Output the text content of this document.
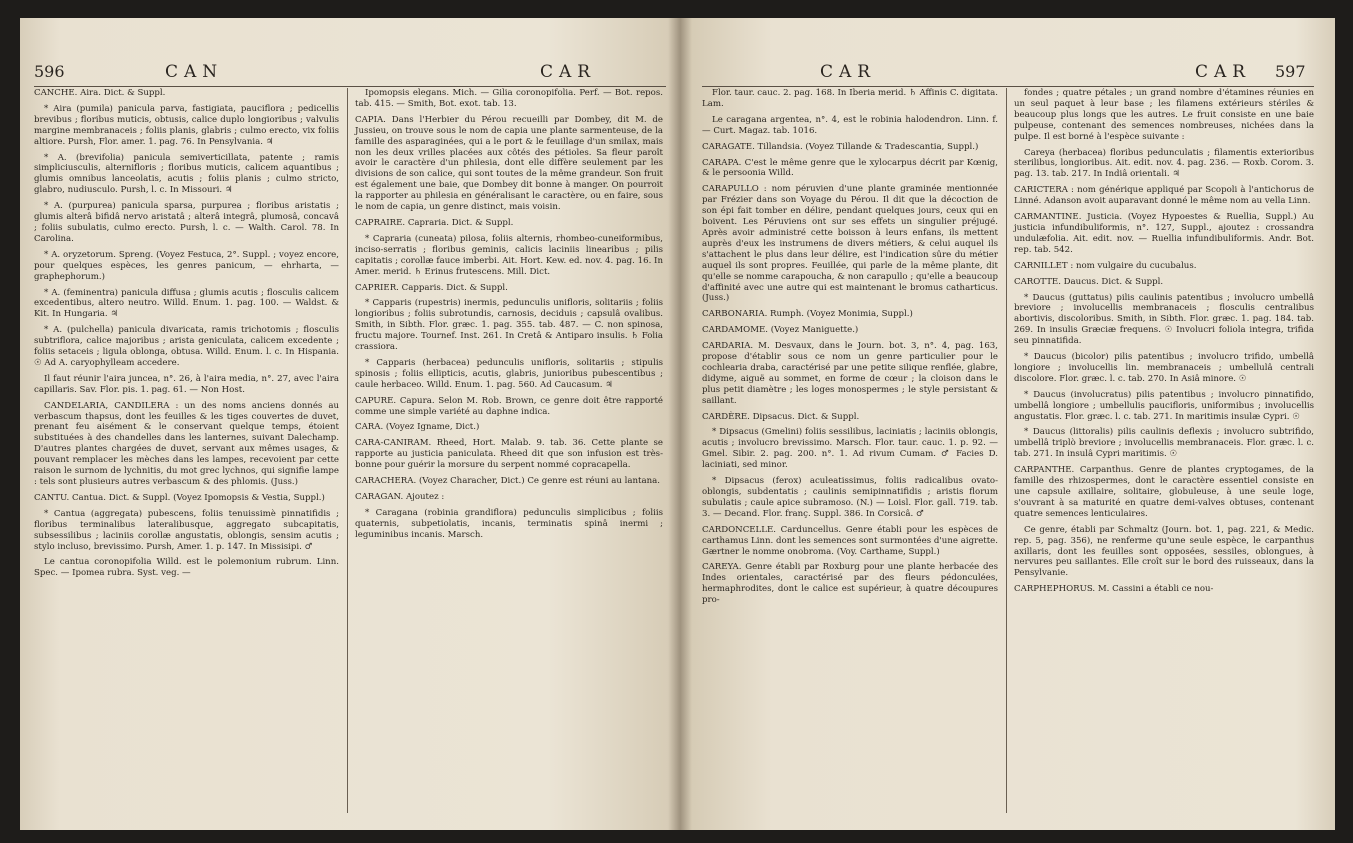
596	CAN	CAR

CANCHE. Aira. Dict. & Suppl.

* Aira (pumila) panicula parva, fastigiata, pauciflora ; pedicellis brevibus ; floribus muticis, obtusis, calice duplo longioribus ; valvulis margine membranaceis ; foliis planis, glabris ; culmo erecto, vix foliis altiore. Pursh, Flor. amer. 1. pag. 76. In Pensylvania. ♃

* A. (brevifolia) panicula semiverticillata, patente ; ramis simpliciusculis, alternifloris ; floribus muticis, calicem aquantibus ; glumis omnibus lanceolatis, acutis ; foliis planis ; culmo stricto, glabro, nudiusculo. Pursh, l. c. In Missouri. ♃

* A. (purpurea) panicula sparsa, purpurea ; floribus aristatis ; glumis alterâ bifidâ nervo aristatâ ; alterâ integrâ, plumosâ, concavâ ; foliis subulatis, culmo erecto. Pursh, l. c. — Walth. Carol. 78. In Carolina.

* A. oryzetorum. Spreng. (Voyez Festuca, 2°. Suppl. ; voyez encore, pour quelques espèces, les genres panicum, — ehrharta, — graphephorum.)

* A. (feminentra) panicula diffusa ; glumis acutis ; flosculis calicem excedentibus, altero neutro. Willd. Enum. 1. pag. 100. — Waldst. & Kit. In Hungaria. ♃

* A. (pulchella) panicula divaricata, ramis trichotomis ; flosculis subtriflora, calice majoribus ; arista geniculata, calicem excedente ; foliis setaceis ; ligula oblonga, obtusa. Willd. Enum. l. c. In Hispania. ☉ Ad A. caryophylleam accedere.

Il faut réunir l'aira juncea, n°. 26, à l'aira media, n°. 27, avec l'aira capillaris. Sav. Flor. pis. 1. pag. 61. — Non Host.

CANDELARIA, CANDILERA : un des noms anciens donnés au verbascum thapsus, dont les feuilles & les tiges couvertes de duvet, prenant feu aisément & le conservant quelque temps, étoient substituées à des chandelles dans les lanternes, suivant Dalechamp. D'autres plantes chargées de duvet, servant aux mêmes usages, & pouvant remplacer les mèches dans les lampes, recevoient par cette raison le surnom de lychnitis, du mot grec lychnos, qui signifie lampe : tels sont plusieurs autres verbascum & des phlomis. (Juss.)

CANTU. Cantua. Dict. & Suppl. (Voyez Ipomopsis & Vestia, Suppl.)

* Cantua (aggregata) pubescens, foliis tenuissimè pinnatifidis ; floribus terminalibus lateralibusque, aggregato subcapitatis, subsessilibus ; laciniis corollæ angustatis, oblongis, sensim acutis ; stylo incluso, brevissimo. Pursh, Amer. 1. p. 147. In Missisipi. ♂

Le cantua coronopifolia Willd. est le polemonium rubrum. Linn. Spec. — Ipomea rubra. Syst. veg. —

Ipomopsis elegans. Mich. — Gilia coronopifolia. Perf. — Bot. repos. tab. 415. — Smith, Bot. exot. tab. 13.

CAPIA. Dans l'Herbier du Pérou recueilli par Dombey, dit M. de Jussieu, on trouve sous le nom de capia une plante sarmenteuse, de la famille des asparaginées, qui a le port & le feuillage d'un smilax, mais non les deux vrilles placées aux côtés des pétioles. Sa fleur paroît avoir le caractère d'un philesia, dont elle diffère seulement par les divisions de son calice, qui sont toutes de la même grandeur. Son fruit est également une baie, que Dombey dit bonne à manger. On pourroit la rapporter au philesia en généralisant le caractère, ou en faire, sous le nom de capia, un genre distinct, mais voisin.

CAPRAIRE. Capraria. Dict. & Suppl.

* Capraria (cuneata) pilosa, foliis alternis, rhombeo-cuneiformibus, inciso-serratis ; floribus geminis, calicis laciniis linearibus ; pilis capitatis ; corollæ fauce imberbi. Ait. Hort. Kew. ed. nov. 4. pag. 16. In Amer. merid. ♄ Erinus frutescens. Mill. Dict.

CAPRIER. Capparis. Dict. & Suppl.

* Capparis (rupestris) inermis, pedunculis unifloris, solitariis ; foliis longioribus ; foliis subrotundis, carnosis, deciduis ; capsulâ ovalibus. Smith, in Sibth. Flor. græc. 1. pag. 355. tab. 487. — C. non spinosa, fructu majore. Tournef. Inst. 261. In Cretâ & Antiparo insulis. ♄ Folia crassiora.

* Capparis (herbacea) pedunculis unifloris, solitariis ; stipulis spinosis ; foliis ellipticis, acutis, glabris, junioribus pubescentibus ; caule herbaceo. Willd. Enum. 1. pag. 560. Ad Caucasum. ♃

CAPURE. Capura. Selon M. Rob. Brown, ce genre doit être rapporté comme une simple variété au daphne indica.

CARA. (Voyez Igname, Dict.)

CARA-CANIRAM. Rheed, Hort. Malab. 9. tab. 36. Cette plante se rapporte au justicia paniculata. Rheed dit que son infusion est très-bonne pour guérir la morsure du serpent nommé copracapella.

CARACHERA. (Voyez Characher, Dict.) Ce genre est réuni au lantana.

CARAGAN. Ajoutez :

* Caragana (robinia grandiflora) pedunculis simplicibus ; foliis quaternis, subpetiolatis, incanis, terminatis spinâ inermi ; leguminibus incanis. Marsch.

CAR	CAR 597

Flor. taur. cauc. 2. pag. 168. In Iberia merid. ♄ Affinis C. digitata. Lam.

Le caragana argentea, n°. 4, est le robinia halodendron. Linn. f. — Curt. Magaz. tab. 1016.

CARAGATE. Tillandsia. (Voyez Tillande & Tradescantia, Suppl.)

CARAPA. C'est le même genre que le xylocarpus décrit par Kœnig, & le persoonia Willd.

CARAPULLO : nom péruvien d'une plante graminée mentionnée par Frézier dans son Voyage du Pérou. Il dit que la décoction de son épi fait tomber en délire, pendant quelques jours, ceux qui en boivent. Les Péruviens ont sur ses effets un singulier préjugé. Après avoir administré cette boisson à leurs enfans, ils mettent auprès d'eux les instrumens de divers métiers, & celui auquel ils s'attachent le plus dans leur délire, est l'indication sûre du métier auquel ils sont propres. Feuillée, qui parle de la même plante, dit qu'elle se nomme carapoucha, & non carapullo ; qu'elle a beaucoup d'affinité avec une autre qui est maintenant le bromus catharticus. (Juss.)

CARBONARIA. Rumph. (Voyez Monimia, Suppl.)

CARDAMOME. (Voyez Maniguette.)

CARDARIA. M. Desvaux, dans le Journ. bot. 3, n°. 4, pag. 163, propose d'établir sous ce nom un genre particulier pour le cochlearia draba, caractérisé par une petite silique renflée, glabre, didyme, aiguë au sommet, en forme de cœur ; la cloison dans le plus petit diamètre ; les loges monospermes ; le style persistant & saillant.

CARDÈRE. Dipsacus. Dict. & Suppl.

* Dipsacus (Gmelini) foliis sessilibus, laciniatis ; laciniis oblongis, acutis ; involucro brevissimo. Marsch. Flor. taur. cauc. 1. p. 92. — Gmel. Sibir. 2. pag. 200. n°. 1. Ad rivum Cumam. ♂ Facies D. laciniati, sed minor.

* Dipsacus (ferox) aculeatissimus, foliis radicalibus ovato-oblongis, subdentatis ; caulinis semipinnatifidis ; aristis florum subulatis ; caule apice subramoso. (N.) — Loisl. Flor. gall. 719. tab. 3. — Decand. Flor. franç. Suppl. 386. In Corsicâ. ♂

CARDONCELLE. Carduncellus. Genre établi pour les espèces de carthamus Linn. dont les semences sont surmontées d'une aigrette. Gærtner le nomme onobroma. (Voy. Carthame, Suppl.)

CAREYA. Genre établi par Roxburg pour une plante herbacée des Indes orientales, caractérisé par des fleurs pédonculées, hermaphrodites, dont le calice est supérieur, à quatre découpures pro-

fondes ; quatre pétales ; un grand nombre d'étamines réunies en un seul paquet à leur base ; les filamens extérieurs stériles & beaucoup plus longs que les autres. Le fruit consiste en une baie pulpeuse, contenant des semences nombreuses, nichées dans la pulpe. Il est borné à l'espèce suivante :

Careya (herbacea) floribus pedunculatis ; filamentis exterioribus sterilibus, longioribus. Ait. edit. nov. 4. pag. 236. — Roxb. Corom. 3. pag. 13. tab. 217. In Indiâ orientali. ♃

CARICTERA : nom générique appliqué par Scopoli à l'antichorus de Linné. Adanson avoit auparavant donné le même nom au vella Linn.

CARMANTINE. Justicia. (Voyez Hypoestes & Ruellia, Suppl.) Au justicia infundibuliformis, n°. 127, Suppl., ajoutez : crossandra undulæfolia. Ait. edit. nov. — Ruellia infundibuliformis. Andr. Bot. rep. tab. 542.

CARNILLET : nom vulgaire du cucubalus.

CAROTTE. Daucus. Dict. & Suppl.

* Daucus (guttatus) pilis caulinis patentibus ; involucro umbellâ breviore ; involucellis membranaceis ; flosculis centralibus abortivis, discoloribus. Smith, in Sibth. Flor. græc. 1. pag. 184. tab. 269. In insulis Græciæ frequens. ☉ Involucri foliola integra, trifida seu pinnatifida.

* Daucus (bicolor) pilis patentibus ; involucro trifido, umbellâ longiore ; involucellis lin. membranaceis ; umbellulâ centrali discolore. Flor. græc. l. c. tab. 270. In Asiâ minore. ☉

* Daucus (involucratus) pilis patentibus ; involucro pinnatifido, umbellâ longiore ; umbellulis paucifloris, uniformibus ; involucellis angustatis. Flor. græc. l. c. tab. 271. In maritimis insulæ Cypri. ☉

* Daucus (littoralis) pilis caulinis deflexis ; involucro subtrifido, umbellâ triplò breviore ; involucellis membranaceis. Flor. græc. l. c. tab. 271. In insulâ Cypri maritimis. ☉

CARPANTHE. Carpanthus. Genre de plantes cryptogames, de la famille des rhizospermes, dont le caractère essentiel consiste en une capsule axillaire, solitaire, globuleuse, à une seule loge, s'ouvrant à sa maturité en quatre demi-valves obtuses, contenant quatre semences lenticulaires.

Ce genre, établi par Schmaltz (Journ. bot. 1, pag. 221, & Medic. rep. 5, pag. 356), ne renferme qu'une seule espèce, le carpanthus axillaris, dont les feuilles sont opposées, sessiles, oblongues, à nervures peu saillantes. Elle croît sur le bord des ruisseaux, dans la Pensylvanie.

CARPHEPHORUS. M. Cassini a établi ce nou-
